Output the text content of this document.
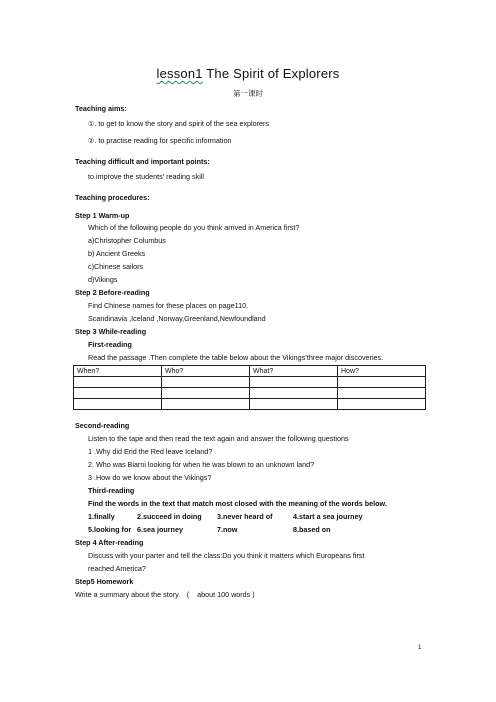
lesson1 The Spirit of Explorers
第一课时
Teaching aims:
①. to get to know the story and spirit of the sea explorers
②. to practise reading for specific information
Teaching difficult and important points:
to improve the students' reading skill
Teaching procedures:
Step 1 Warm-up
Which of the following people do you think arrived in America first?
a)Christopher Columbus
b) Ancient Greeks
c)Chinese sailors
d)Vikings
Step 2 Before-reading
Find Chinese names for these places on page110.
Scandinavia ,Iceland ,Norway,Greenland,Newfoundland
Step 3 While-reading
First-reading
Read the passage .Then complete the table below about the Vikings’three major discoveries.
When?	Who?	What?	How?

Second-reading
Listen to the tape and then read the text again and answer the following questions
1 .Why did Erid the Red leave Iceland?
2. Who was Biarni looking for when he was blown to an unknown land?
3 .How do we know about the Vikings?
Third-reading
Find the words in the text that match most closed with the meaning of the words below.
1.finally	2.succeed in doing 3.never heard of	4.start a sea journey
5.looking for 6.sea journey	7.now	8.based on
Step 4 After-reading
Discuss with your parter and tell the class:Do you think it matters which Europeans first
reached America?
Step5 Homework
Write a summary about the story    (    about 100 words )
1
